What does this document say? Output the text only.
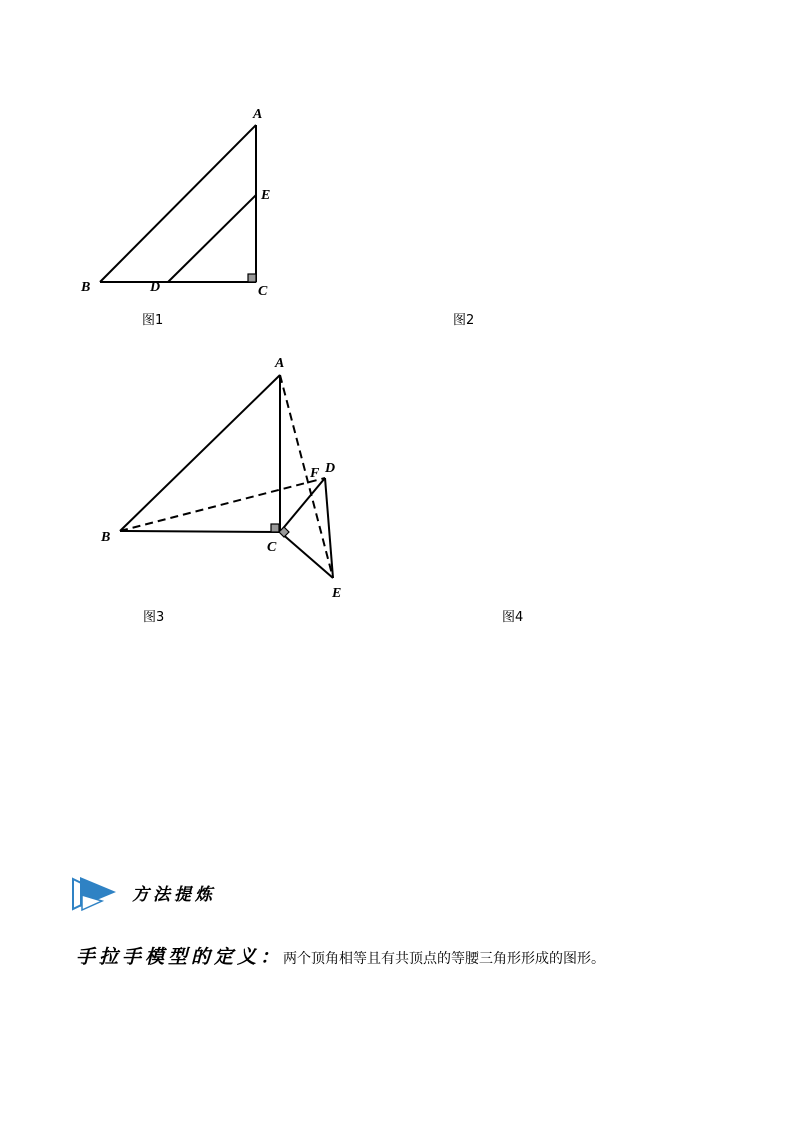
A
E
B	D	C
图1	图2
A
F D
B
C
E
图3	图4
方法提炼
手拉手模型的定义：两个顶角相等且有共顶点的等腰三角形形成的图形。
